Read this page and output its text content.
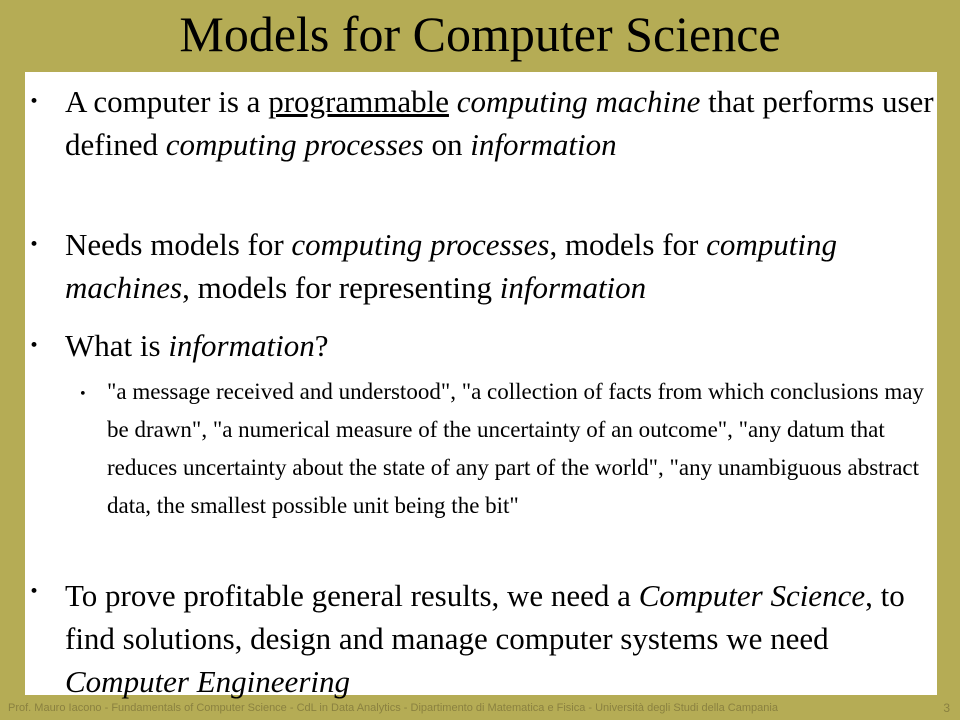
Models for Computer Science
• A computer is a programmable computing machine that performs user defined computing processes on information
• Needs models for computing processes, models for computing machines, models for representing information
• What is information?
• "a message received and understood", "a collection of facts from which conclusions may be drawn", "a numerical measure of the uncertainty of an outcome", "any datum that reduces uncertainty about the state of any part of the world", "any unambiguous abstract data, the smallest possible unit being the bit"
• To prove profitable general results, we need a Computer Science, to find solutions, design and manage computer systems we need Computer Engineering
Prof. Mauro Iacono - Fundamentals of Computer Science - CdL in Data Analytics - Dipartimento di Matematica e Fisica - Università degli Studi della Campania	3
